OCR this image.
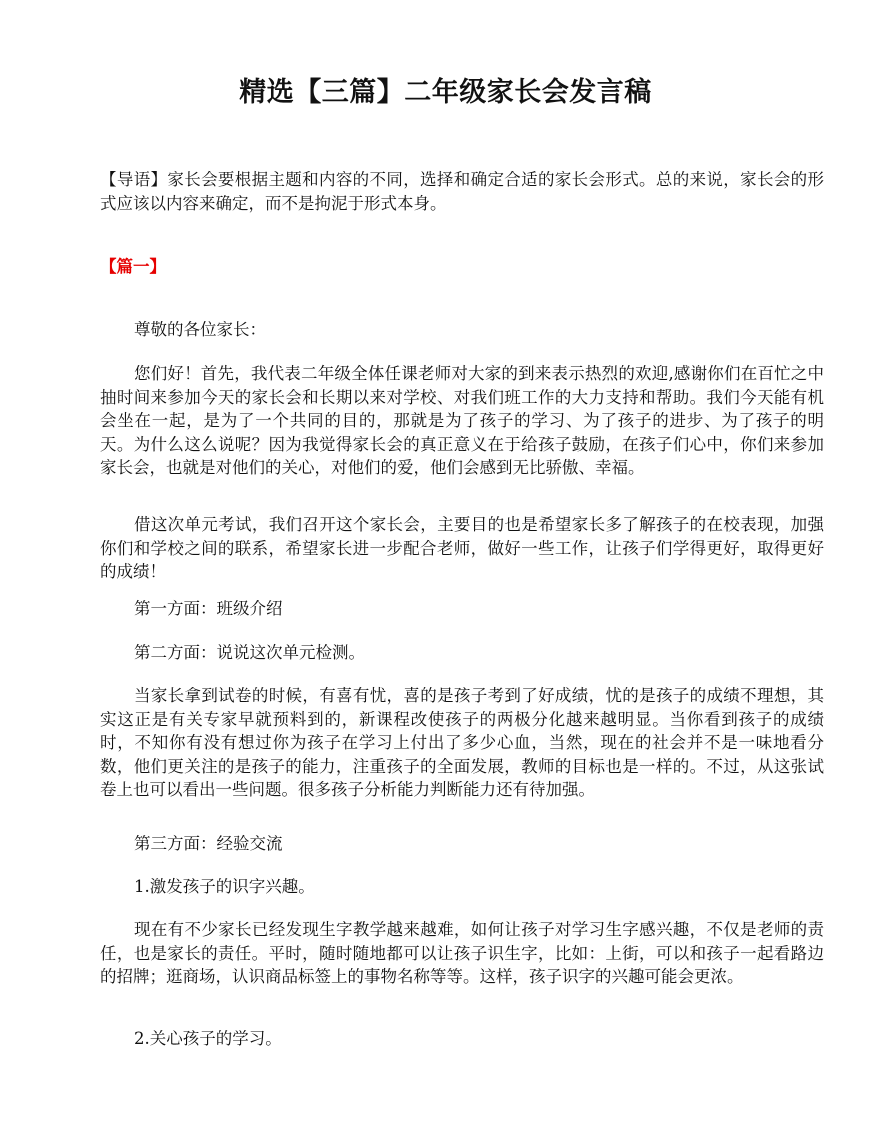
精选【三篇】二年级家长会发言稿

【导语】家长会要根据主题和内容的不同，选择和确定合适的家长会形式。总的来说，家长会的形式应该以内容来确定，而不是拘泥于形式本身。

【篇一】

尊敬的各位家长：

您们好！首先，我代表二年级全体任课老师对大家的到来表示热烈的欢迎,感谢你们在百忙之中抽时间来参加今天的家长会和长期以来对学校、对我们班工作的大力支持和帮助。我们今天能有机会坐在一起，是为了一个共同的目的，那就是为了孩子的学习、为了孩子的进步、为了孩子的明天。为什么这么说呢？因为我觉得家长会的真正意义在于给孩子鼓励，在孩子们心中，你们来参加家长会，也就是对他们的关心，对他们的爱，他们会感到无比骄傲、幸福。

借这次单元考试，我们召开这个家长会，主要目的也是希望家长多了解孩子的在校表现，加强你们和学校之间的联系，希望家长进一步配合老师，做好一些工作，让孩子们学得更好，取得更好的成绩！

第一方面：班级介绍

第二方面：说说这次单元检测。

当家长拿到试卷的时候，有喜有忧，喜的是孩子考到了好成绩，忧的是孩子的成绩不理想，其实这正是有关专家早就预料到的，新课程改使孩子的两极分化越来越明显。当你看到孩子的成绩时，不知你有没有想过你为孩子在学习上付出了多少心血，当然，现在的社会并不是一味地看分数，他们更关注的是孩子的能力，注重孩子的全面发展，教师的目标也是一样的。不过，从这张试卷上也可以看出一些问题。很多孩子分析能力判断能力还有待加强。

第三方面：经验交流

1.激发孩子的识字兴趣。

现在有不少家长已经发现生字教学越来越难，如何让孩子对学习生字感兴趣，不仅是老师的责任，也是家长的责任。平时，随时随地都可以让孩子识生字，比如：上街，可以和孩子一起看路边的招牌；逛商场，认识商品标签上的事物名称等等。这样，孩子识字的兴趣可能会更浓。

2.关心孩子的学习。
